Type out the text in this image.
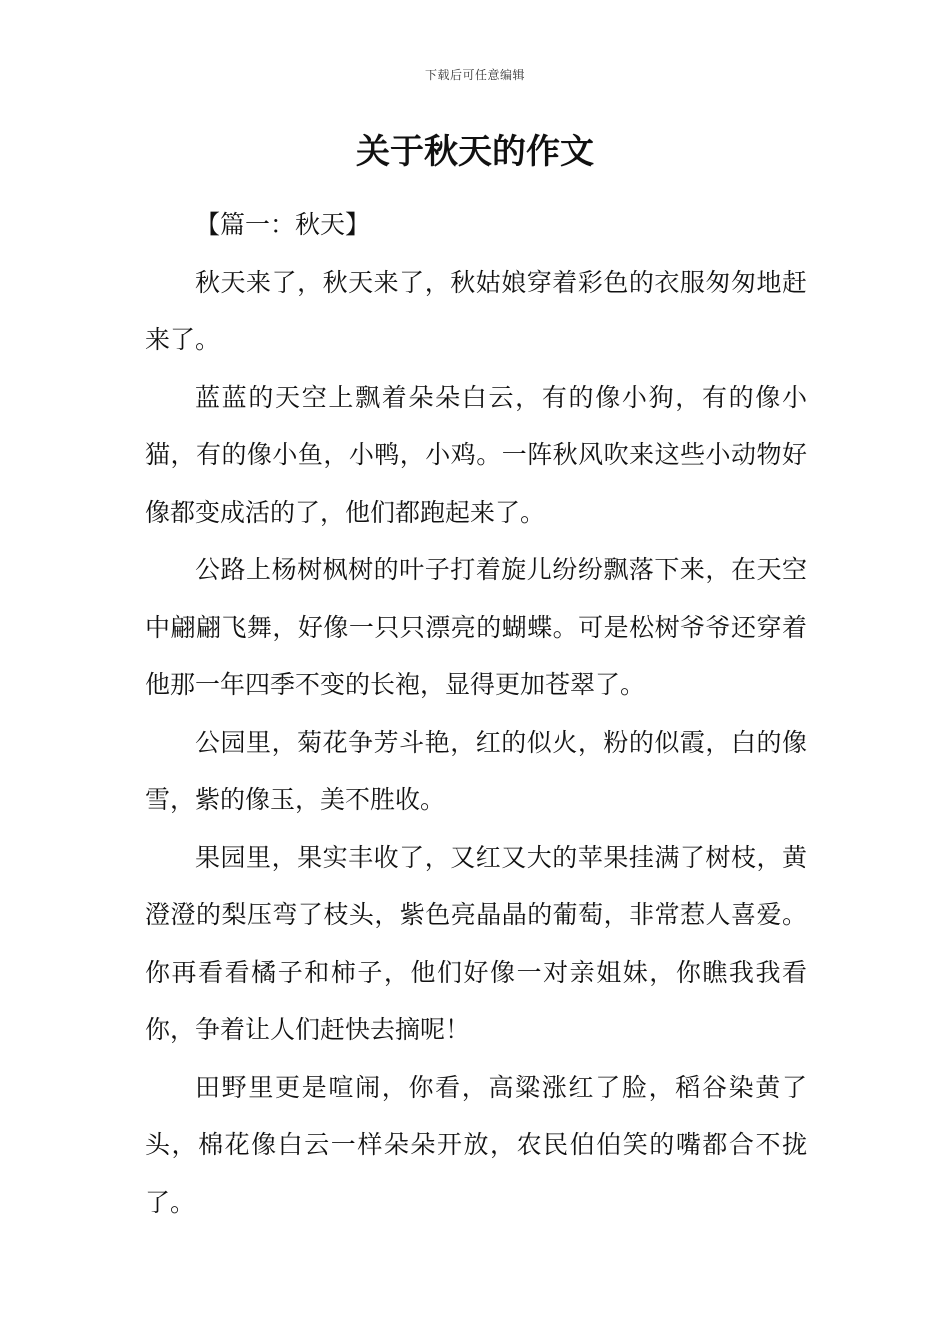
下载后可任意编辑
关于秋天的作文

【篇一：秋天】

秋天来了，秋天来了，秋姑娘穿着彩色的衣服匆匆地赶来了。

蓝蓝的天空上飘着朵朵白云，有的像小狗，有的像小猫，有的像小鱼，小鸭，小鸡。一阵秋风吹来这些小动物好像都变成活的了，他们都跑起来了。

公路上杨树枫树的叶子打着旋儿纷纷飘落下来，在天空中翩翩飞舞，好像一只只漂亮的蝴蝶。可是松树爷爷还穿着他那一年四季不变的长袍，显得更加苍翠了。

公园里，菊花争芳斗艳，红的似火，粉的似霞，白的像雪，紫的像玉，美不胜收。

果园里，果实丰收了，又红又大的苹果挂满了树枝，黄澄澄的梨压弯了枝头，紫色亮晶晶的葡萄，非常惹人喜爱。你再看看橘子和柿子，他们好像一对亲姐妹，你瞧我我看你，争着让人们赶快去摘呢！

田野里更是喧闹，你看，高粱涨红了脸，稻谷染黄了头，棉花像白云一样朵朵开放，农民伯伯笑的嘴都合不拢了。
